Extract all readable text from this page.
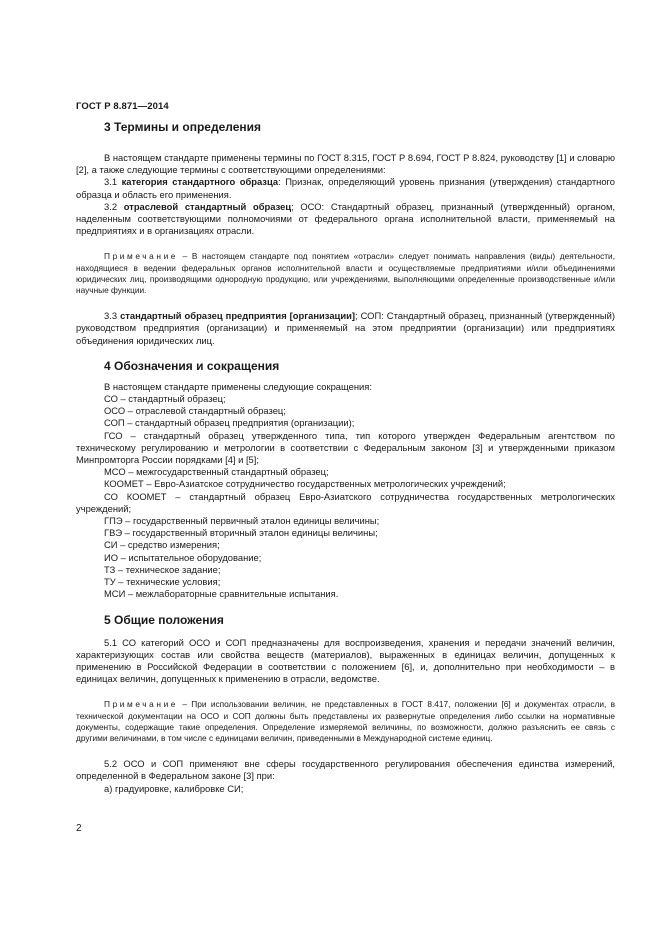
ГОСТ Р 8.871—2014
3 Термины и определения

В настоящем стандарте применены термины по ГОСТ 8.315, ГОСТ Р 8.694, ГОСТ Р 8.824, руководству [1] и словарю [2], а также следующие термины с соответствующими определениями:

3.1 категория стандартного образца: Признак, определяющий уровень признания (утверждения) стандартного образца и область его применения.

3.2 отраслевой стандартный образец; ОСО: Стандартный образец, признанный (утвержденный) органом, наделенным соответствующими полномочиями от федерального органа исполнительной власти, применяемый на предприятиях и в организациях отрасли.

Примечание – В настоящем стандарте под понятием «отрасли» следует понимать направления (виды) деятельности, находящиеся в ведении федеральных органов исполнительной власти и осуществляемые предприятиями и/или объединениями юридических лиц, производящими однородную продукцию, или учреждениями, выполняющими определенные производственные и/или научные функции.

3.3 стандартный образец предприятия [организации]; СОП: Стандартный образец, признанный (утвержденный) руководством предприятия (организации) и применяемый на этом предприятии (организации) или предприятиях объединения юридических лиц.

4 Обозначения и сокращения

В настоящем стандарте применены следующие сокращения:

СО – стандартный образец;

ОСО – отраслевой стандартный образец;

СОП – стандартный образец предприятия (организации);

ГСО – стандартный образец утвержденного типа, тип которого утвержден Федеральным агентством по техническому регулированию и метрологии в соответствии с Федеральным законом [3] и утвержденными приказом Минпромторга России порядками [4] и [5];

МСО – межгосударственный стандартный образец;

КООМЕТ – Евро-Азиатское сотрудничество государственных метрологических учреждений;

СО КООМЕТ – стандартный образец Евро-Азиатского сотрудничества государственных метрологических учреждений;

ГПЭ – государственный первичный эталон единицы величины;

ГВЭ – государственный вторичный эталон единицы величины;

СИ – средство измерения;

ИО – испытательное оборудование;

ТЗ – техническое задание;

ТУ – технические условия;

МСИ – межлабораторные сравнительные испытания.

5 Общие положения

5.1 СО категорий ОСО и СОП предназначены для воспроизведения, хранения и передачи значений величин, характеризующих состав или свойства веществ (материалов), выраженных в единицах величин, допущенных к применению в Российской Федерации в соответствии с положением [6], и, дополнительно при необходимости – в единицах величин, допущенных к применению в отрасли, ведомстве.

Примечание – При использовании величин, не представленных в ГОСТ 8.417, положении [6] и документах отрасли, в технической документации на ОСО и СОП должны быть представлены их развернутые определения либо ссылки на нормативные документы, содержащие такие определения. Определение измеряемой величины, по возможности, должно разъяснить ее связь с другими величинами, в том числе с единицами величин, приведенными в Международной системе единиц.

5.2 ОСО и СОП применяют вне сферы государственного регулирования обеспечения единства измерений, определенной в Федеральном законе [3] при:

а) градуировке, калибровке СИ;

2
